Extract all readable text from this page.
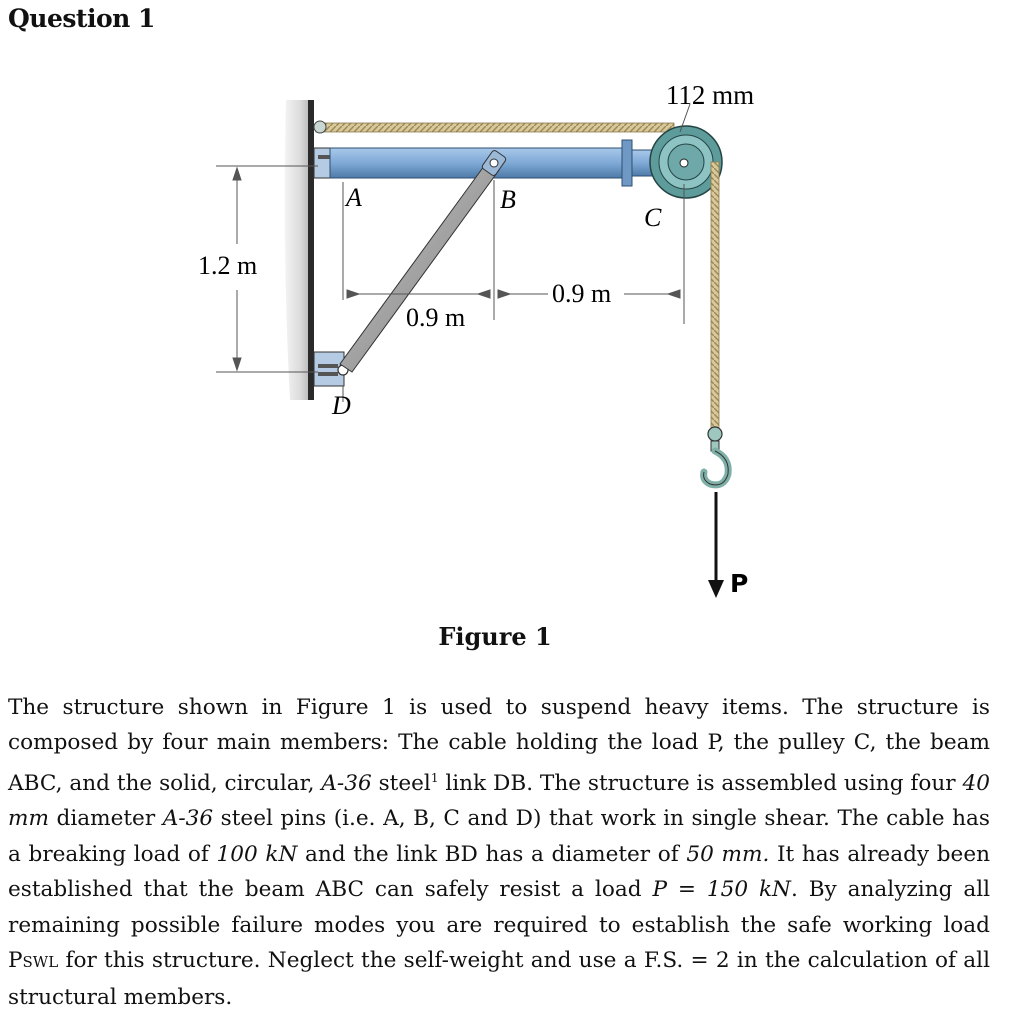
Question 1
112 mm
A	B
C
D
1.2 m
0.9 m
0.9 m
P
Figure 1

The structure shown in Figure 1 is used to suspend heavy items. The structure is composed by four main members: The cable holding the load P, the pulley C, the beam ABC, and the solid, circular, A-36 steel$^1$ link DB. The structure is assembled using four 40 mm diameter A-36 steel pins (i.e. A, B, C and D) that work in single shear. The cable has a breaking load of 100 kN and the link BD has a diameter of 50 mm. It has already been established that the beam ABC can safely resist a load P = 150 kN. By analyzing all remaining possible failure modes you are required to establish the safe working load PSWL for this structure. Neglect the self-weight and use a F.S. = 2 in the calculation of all structural members.
